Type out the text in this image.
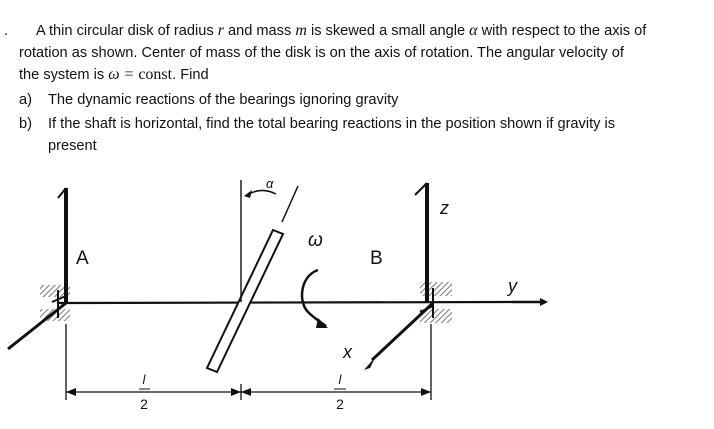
. A thin circular disk of radius r and mass m is skewed a small angle α with respect to the axis of
rotation as shown. Center of mass of the disk is on the axis of rotation. The angular velocity of
the system is ω = const. Find
a) The dynamic reactions of the bearings ignoring gravity
b) If the shaft is horizontal, find the total bearing reactions in the position shown if gravity is
present
l
2
l
2
A	B
z
y
x
ω
α
